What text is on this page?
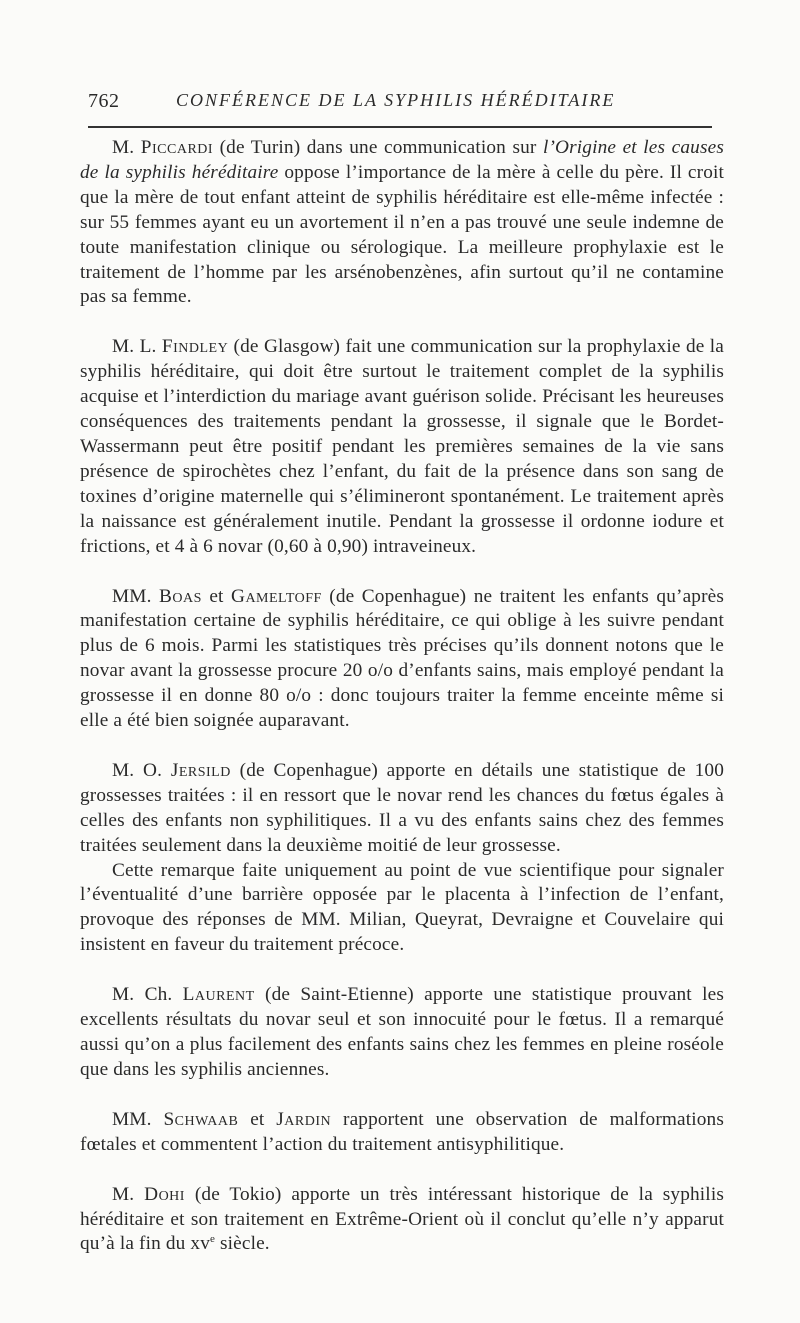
762	CONFÉRENCE DE LA SYPHILIS HÉRÉDITAIRE

M. Piccardi (de Turin) dans une communication sur l’Origine et les causes de la syphilis héréditaire oppose l’importance de la mère à celle du père. Il croit que la mère de tout enfant atteint de syphilis héréditaire est elle-même infectée : sur 55 femmes ayant eu un avortement il n’en a pas trouvé une seule indemne de toute manifestation clinique ou sérologique. La meilleure prophylaxie est le traitement de l’homme par les arsénobenzènes, afin surtout qu’il ne contamine pas sa femme.

M. L. Findley (de Glasgow) fait une communication sur la prophylaxie de la syphilis héréditaire, qui doit être surtout le traitement complet de la syphilis acquise et l’interdiction du mariage avant guérison solide. Précisant les heureuses conséquences des traitements pendant la grossesse, il signale que le Bordet-Wassermann peut être positif pendant les premières semaines de la vie sans présence de spirochètes chez l’enfant, du fait de la présence dans son sang de toxines d’origine maternelle qui s’élimineront spontanément. Le traitement après la naissance est généralement inutile. Pendant la grossesse il ordonne iodure et frictions, et 4 à 6 novar (0,60 à 0,90) intraveineux.

MM. Boas et Gameltoff (de Copenhague) ne traitent les enfants qu’après manifestation certaine de syphilis héréditaire, ce qui oblige à les suivre pendant plus de 6 mois. Parmi les statistiques très précises qu’ils donnent notons que le novar avant la grossesse procure 20 o/o d’enfants sains, mais employé pendant la grossesse il en donne 80 o/o : donc toujours traiter la femme enceinte même si elle a été bien soignée auparavant.

M. O. Jersild (de Copenhague) apporte en détails une statistique de 100 grossesses traitées : il en ressort que le novar rend les chances du fœtus égales à celles des enfants non syphilitiques. Il a vu des enfants sains chez des femmes traitées seulement dans la deuxième moitié de leur grossesse.

Cette remarque faite uniquement au point de vue scientifique pour signaler l’éventualité d’une barrière opposée par le placenta à l’infection de l’enfant, provoque des réponses de MM. Milian, Queyrat, Devraigne et Couvelaire qui insistent en faveur du traitement précoce.

M. Ch. Laurent (de Saint-Etienne) apporte une statistique prouvant les excellents résultats du novar seul et son innocuité pour le fœtus. Il a remarqué aussi qu’on a plus facilement des enfants sains chez les femmes en pleine roséole que dans les syphilis anciennes.

MM. Schwaab et Jardin rapportent une observation de malformations fœtales et commentent l’action du traitement antisyphilitique.

M. Dohi (de Tokio) apporte un très intéressant historique de la syphilis héréditaire et son traitement en Extrême-Orient où il conclut qu’elle n’y apparut qu’à la fin du $xv^e$ siècle.
